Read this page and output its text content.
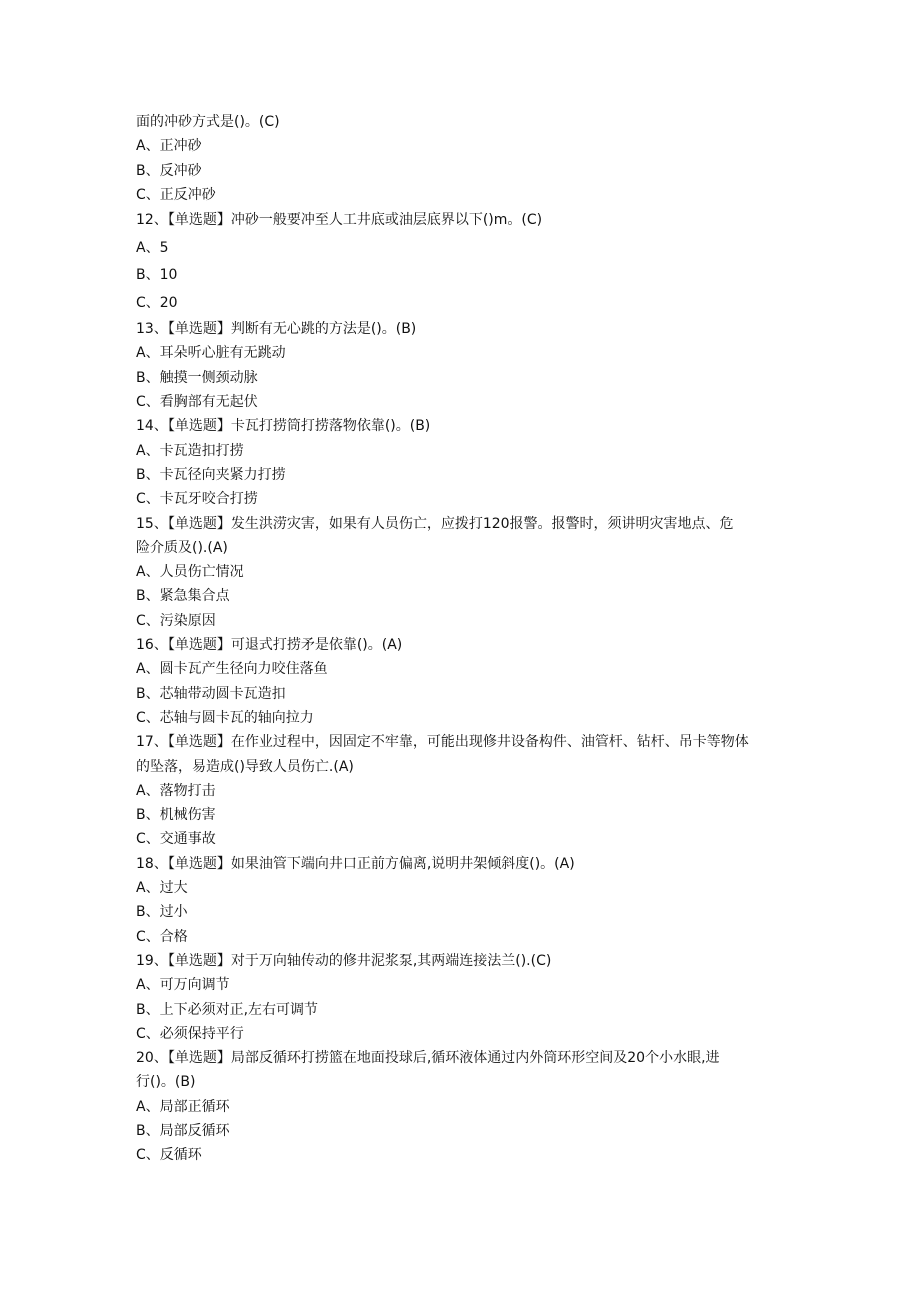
面的冲砂方式是()。(C)
A、正冲砂
B、反冲砂
C、正反冲砂
12、【单选题】冲砂一般要冲至人工井底或油层底界以下()m。(C)
A、5
B、10
C、20
13、【单选题】判断有无心跳的方法是()。(B)
A、耳朵听心脏有无跳动
B、触摸一侧颈动脉
C、看胸部有无起伏
14、【单选题】卡瓦打捞筒打捞落物依靠()。(B)
A、卡瓦造扣打捞
B、卡瓦径向夹紧力打捞
C、卡瓦牙咬合打捞
15、【单选题】发生洪涝灾害，如果有人员伤亡，应拨打120报警。报警时，须讲明灾害地点、危
险介质及().(A)
A、人员伤亡情况
B、紧急集合点
C、污染原因
16、【单选题】可退式打捞矛是依靠()。(A)
A、圆卡瓦产生径向力咬住落鱼
B、芯轴带动圆卡瓦造扣
C、芯轴与圆卡瓦的轴向拉力
17、【单选题】在作业过程中，因固定不牢靠，可能出现修井设备构件、油管杆、钻杆、吊卡等物体
的坠落，易造成()导致人员伤亡.(A)
A、落物打击
B、机械伤害
C、交通事故
18、【单选题】如果油管下端向井口正前方偏离,说明井架倾斜度()。(A)
A、过大
B、过小
C、合格
19、【单选题】对于万向轴传动的修井泥浆泵,其两端连接法兰().(C)
A、可万向调节
B、上下必须对正,左右可调节
C、必须保持平行
20、【单选题】局部反循环打捞篮在地面投球后,循环液体通过内外筒环形空间及20个小水眼,进
行()。(B)
A、局部正循环
B、局部反循环
C、反循环
